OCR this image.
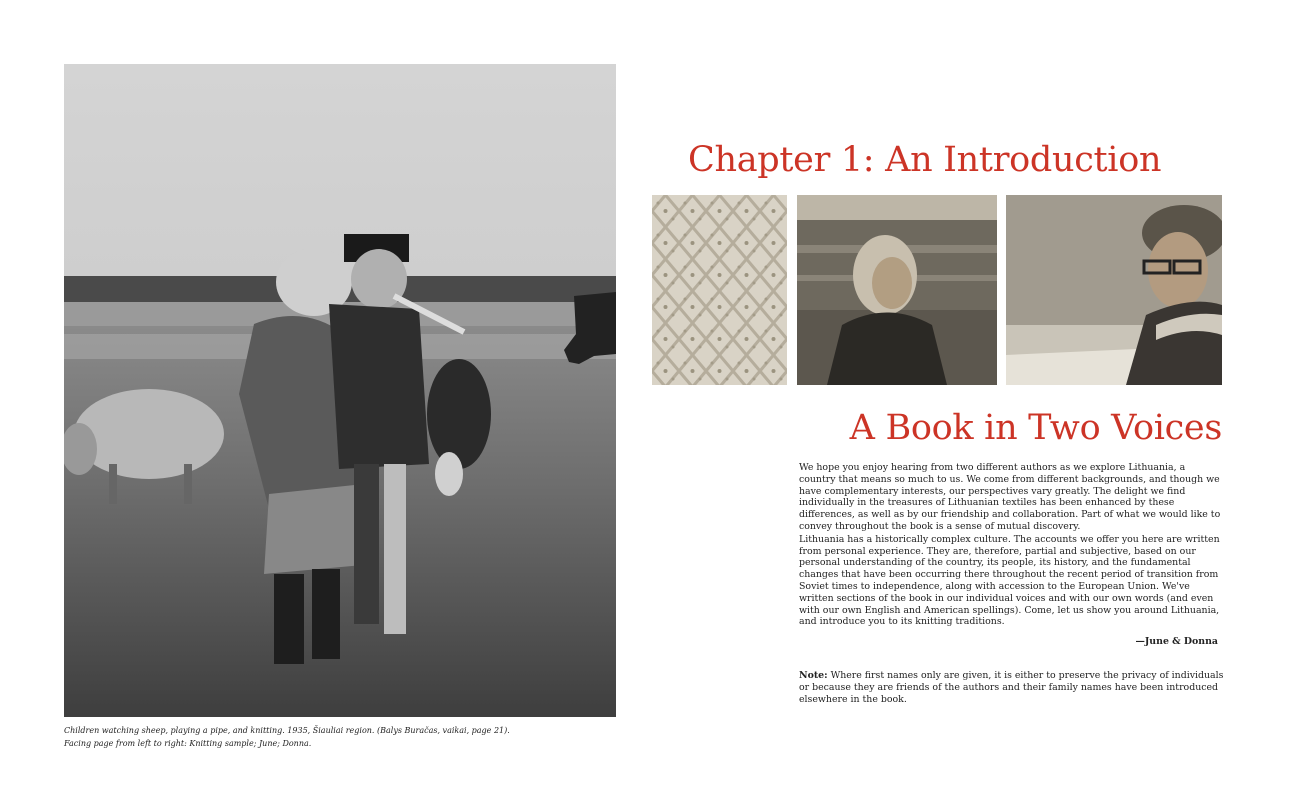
Children watching sheep, playing a pipe, and knitting. 1935, Šiauliai region. (Balys Buračas, vaikai, page 21).
Facing page from left to right: Knitting sample; June; Donna.
Chapter 1: An Introduction
A Book in Two Voices

We hope you enjoy hearing from two different authors as we explore Lithuania, a country that means so much to us. We come from different backgrounds, and though we have complementary interests, our perspectives vary greatly. The delight we find individually in the treasures of Lithuanian textiles has been enhanced by these differences, as well as by our friendship and collaboration. Part of what we would like to convey throughout the book is a sense of mutual discovery.

Lithuania has a historically complex culture. The accounts we offer you here are written from personal experience. They are, therefore, partial and subjective, based on our personal understanding of the country, its people, its history, and the fundamental changes that have been occurring there throughout the recent period of transition from Soviet times to independence, along with accession to the European Union. We've written sections of the book in our individual voices and with our own words (and even with our own English and American spellings). Come, let us show you around Lithuania, and introduce you to its knitting traditions.

—June & Donna
Note: Where first names only are given, it is either to preserve the privacy of individuals or because they are friends of the authors and their family names have been introduced elsewhere in the book.
